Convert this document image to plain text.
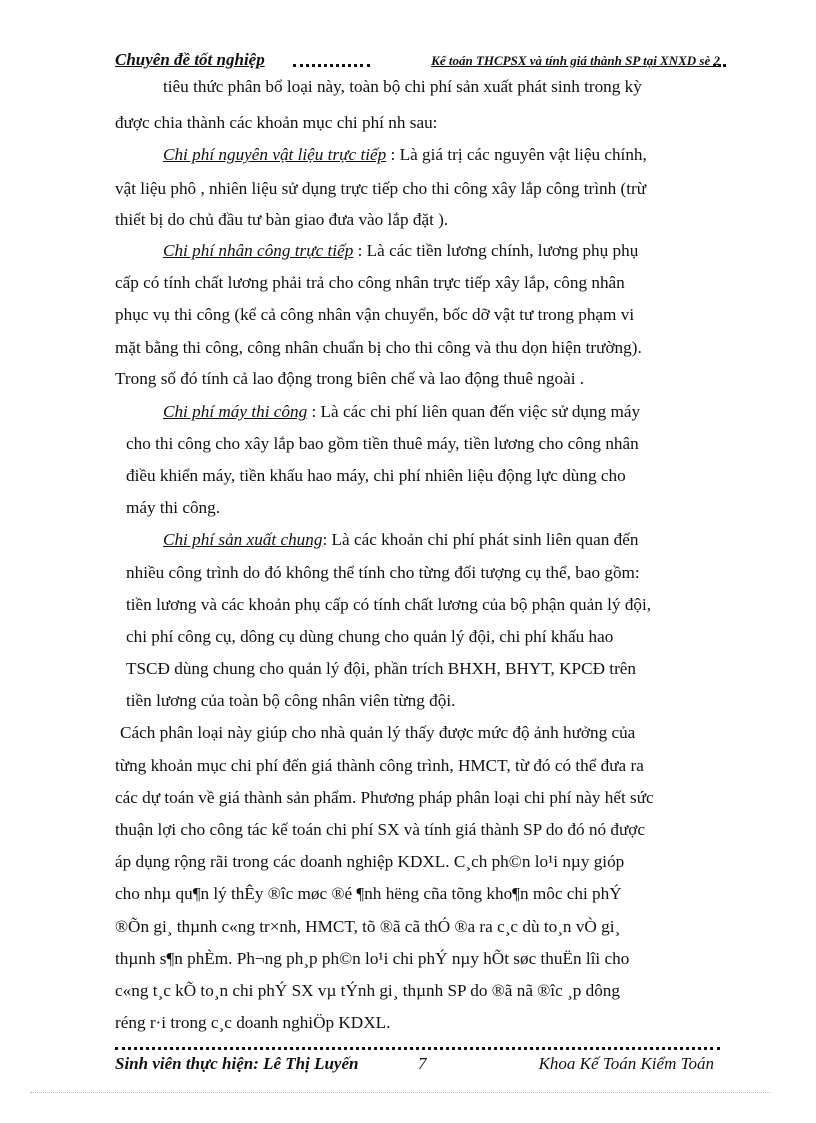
Chuyên đề tốt nghiệp	Kế toán THCPSX và tính giá thành SP tại XNXD sè 2
tiêu thức phân bổ loại này, toàn bộ chi phí sản xuất phát sinh trong kỳ
được chia thành các khoản mục chi phí nh sau:
Chi phí nguyên vật liệu trực tiếp : Là giá trị các nguyên vật liệu chính,
vật liệu phô , nhiên liệu sử dụng trực tiếp cho thi công xây lắp công trình (trừ
thiết bị do chủ đầu tư bàn giao đưa vào lắp đặt ).
Chi phí nhân công trực tiếp : Là các tiền lương chính, lương phụ phụ
cấp có tính chất lương phải trả cho công nhân trực tiếp xây lắp, công nhân
phục vụ thi công (kể cả công nhân vận chuyển, bốc dỡ vật tư trong phạm vi
mặt bằng thi công, công nhân chuẩn bị cho thi công và thu dọn hiện trường).
Trong số đó tính cả lao động trong biên chế và lao động thuê ngoài .
Chi phí máy thi công : Là các chi phí liên quan đến việc sử dụng máy
cho thi công cho xây lắp bao gồm tiền thuê máy, tiền lương cho công nhân
điều khiển máy, tiền khấu hao máy, chi phí nhiên liệu động lực dùng cho
máy thi công.
Chi phí sản xuất chung: Là các khoản chi phí phát sinh liên quan đến
nhiều công trình do đó không thể tính cho từng đối tượng cụ thể, bao gồm:
tiền lương và các khoản phụ cấp có tính chất lương của bộ phận quản lý đội,
chi phí công cụ, dông cụ dùng chung cho quản lý đội, chi phí khấu hao
TSCĐ dùng chung cho quản lý đội, phần trích BHXH, BHYT, KPCĐ trên
tiền lương của toàn bộ công nhân viên từng đội.
Cách phân loại này giúp cho nhà quản lý thấy được mức độ ảnh hưởng của
từng khoản mục chi phí đến giá thành công trình, HMCT, từ đó có thể đưa ra
các dự toán về giá thành sản phẩm. Phương pháp phân loại chi phí này hết sức
thuận lợi cho công tác kế toán chi phí SX và tính giá thành SP do đó nó được
áp dụng rộng rãi trong các doanh nghiệp KDXL. C¸ch ph©n lo¹i nµy gióp
cho nhµ qu¶n lý thÊy ®îc møc ®é ¶nh hëng cña tõng kho¶n môc chi phÝ
®Õn gi¸ thµnh c«ng tr×nh, HMCT, tõ ®ã cã thÓ ®a ra c¸c dù to¸n vÒ gi¸
thµnh s¶n phÈm. Ph¬ng ph¸p ph©n lo¹i chi phÝ nµy hÕt søc thuËn lîi cho
c«ng t¸c kÕ to¸n chi phÝ SX vµ tÝnh gi¸ thµnh SP do ®ã nã ®îc ¸p dông
réng r·i trong c¸c doanh nghiÖp KDXL.
Sinh viên thực hiện: Lê Thị Luyến	7	Khoa Kế Toán Kiểm Toán
